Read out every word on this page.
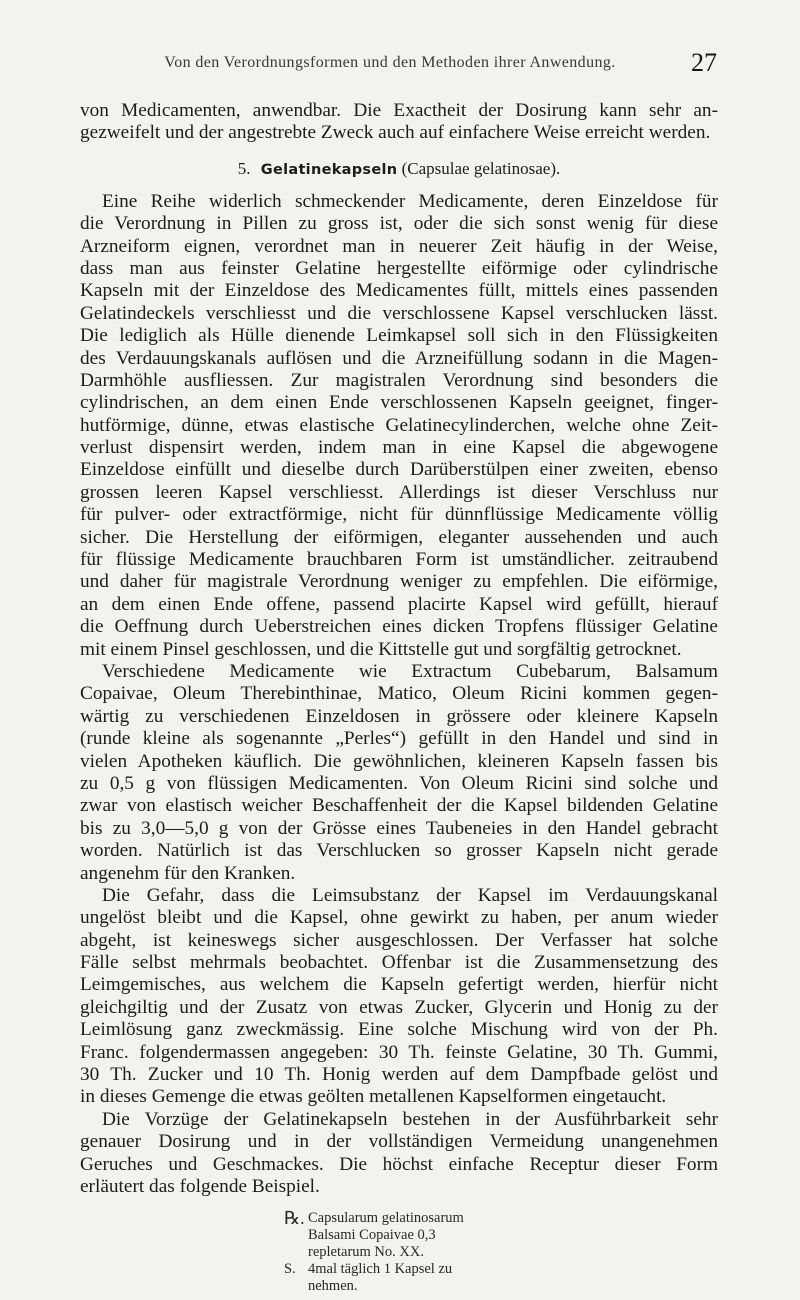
Von den Verordnungsformen und den Methoden ihrer Anwendung.	27
von Medicamenten, anwendbar. Die Exactheit der Dosirung kann sehr an-
gezweifelt und der angestrebte Zweck auch auf einfachere Weise erreicht werden.
5. Gelatinekapseln (Capsulae gelatinosae).
Eine Reihe widerlich schmeckender Medicamente, deren Einzeldose für
die Verordnung in Pillen zu gross ist, oder die sich sonst wenig für diese
Arzneiform eignen, verordnet man in neuerer Zeit häufig in der Weise,
dass man aus feinster Gelatine hergestellte eiförmige oder cylindrische
Kapseln mit der Einzeldose des Medicamentes füllt, mittels eines passenden
Gelatindeckels verschliesst und die verschlossene Kapsel verschlucken lässt.
Die lediglich als Hülle dienende Leimkapsel soll sich in den Flüssigkeiten
des Verdauungskanals auflösen und die Arzneifüllung sodann in die Magen-
Darmhöhle ausfliessen. Zur magistralen Verordnung sind besonders die
cylindrischen, an dem einen Ende verschlossenen Kapseln geeignet, finger-
hutförmige, dünne, etwas elastische Gelatinecylinderchen, welche ohne Zeit-
verlust dispensirt werden, indem man in eine Kapsel die abgewogene
Einzeldose einfüllt und dieselbe durch Darüberstülpen einer zweiten, ebenso
grossen leeren Kapsel verschliesst. Allerdings ist dieser Verschluss nur
für pulver- oder extractförmige, nicht für dünnflüssige Medicamente völlig
sicher. Die Herstellung der eiförmigen, eleganter aussehenden und auch
für flüssige Medicamente brauchbaren Form ist umständlicher. zeitraubend
und daher für magistrale Verordnung weniger zu empfehlen. Die eiförmige,
an dem einen Ende offene, passend placirte Kapsel wird gefüllt, hierauf
die Oeffnung durch Ueberstreichen eines dicken Tropfens flüssiger Gelatine
mit einem Pinsel geschlossen, und die Kittstelle gut und sorgfältig getrocknet.
Verschiedene Medicamente wie Extractum Cubebarum, Balsamum
Copaivae, Oleum Therebinthinae, Matico, Oleum Ricini kommen gegen-
wärtig zu verschiedenen Einzeldosen in grössere oder kleinere Kapseln
(runde kleine als sogenannte „Perles“) gefüllt in den Handel und sind in
vielen Apotheken käuflich. Die gewöhnlichen, kleineren Kapseln fassen bis
zu 0,5 g von flüssigen Medicamenten. Von Oleum Ricini sind solche und
zwar von elastisch weicher Beschaffenheit der die Kapsel bildenden Gelatine
bis zu 3,0—5,0 g von der Grösse eines Taubeneies in den Handel gebracht
worden. Natürlich ist das Verschlucken so grosser Kapseln nicht gerade
angenehm für den Kranken.
Die Gefahr, dass die Leimsubstanz der Kapsel im Verdauungskanal
ungelöst bleibt und die Kapsel, ohne gewirkt zu haben, per anum wieder
abgeht, ist keineswegs sicher ausgeschlossen. Der Verfasser hat solche
Fälle selbst mehrmals beobachtet. Offenbar ist die Zusammensetzung des
Leimgemisches, aus welchem die Kapseln gefertigt werden, hierfür nicht
gleichgiltig und der Zusatz von etwas Zucker, Glycerin und Honig zu der
Leimlösung ganz zweckmässig. Eine solche Mischung wird von der Ph.
Franc. folgendermassen angegeben: 30 Th. feinste Gelatine, 30 Th. Gummi,
30 Th. Zucker und 10 Th. Honig werden auf dem Dampfbade gelöst und
in dieses Gemenge die etwas geölten metallenen Kapselformen eingetaucht.
Die Vorzüge der Gelatinekapseln bestehen in der Ausführbarkeit sehr
genauer Dosirung und in der vollständigen Vermeidung unangenehmen
Geruches und Geschmackes. Die höchst einfache Receptur dieser Form
erläutert das folgende Beispiel.
℞. Capsularum gelatinosarum
Balsami Copaivae 0,3
repletarum No. XX.
S. 4mal täglich 1 Kapsel zu
nehmen.
